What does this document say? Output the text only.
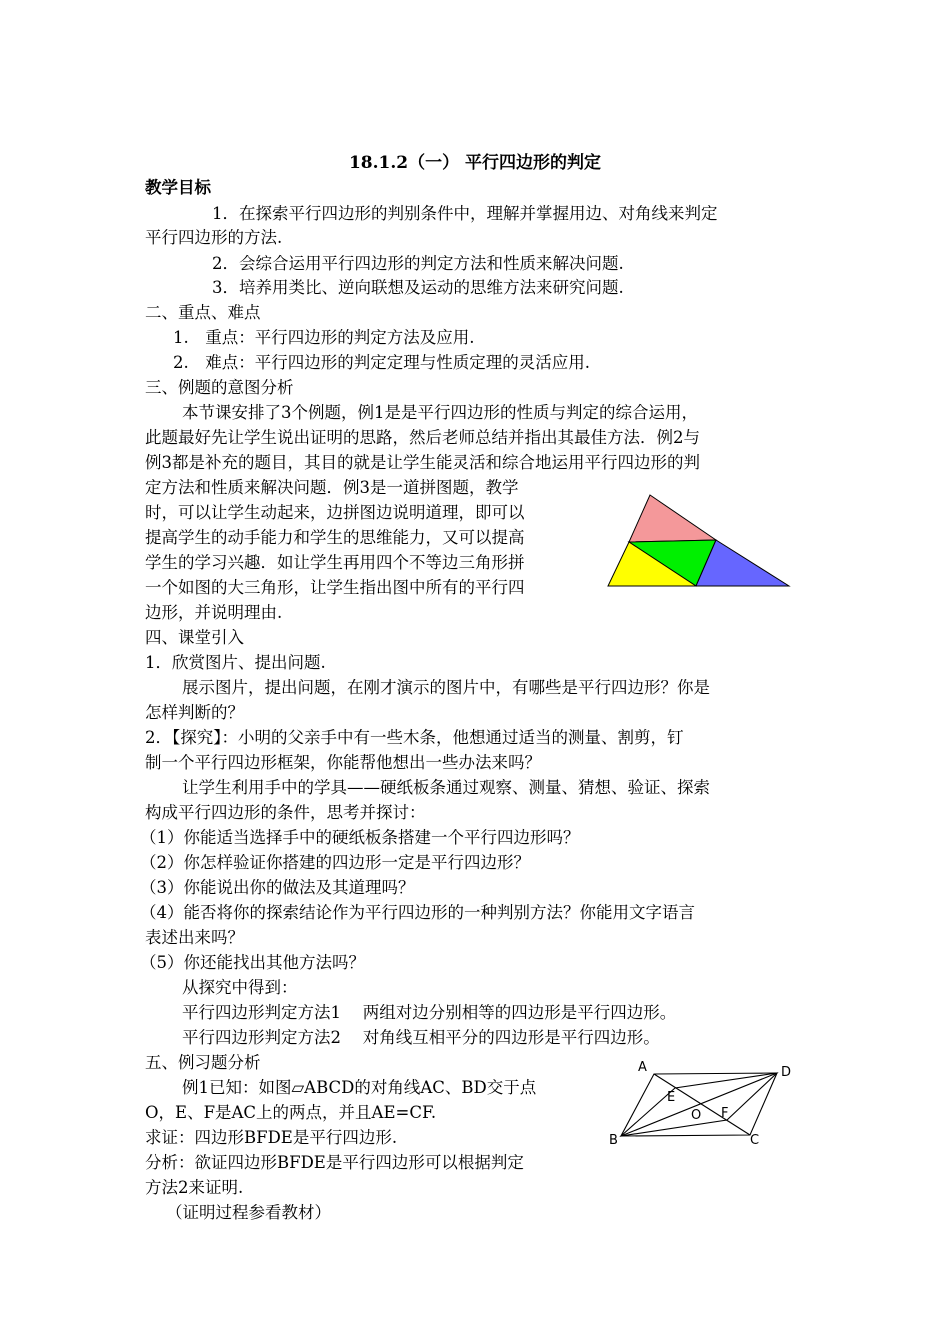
18.1.2（一） 平行四边形的判定
教学目标
1．在探索平行四边形的判别条件中，理解并掌握用边、对角线来判定
平行四边形的方法.
2．会综合运用平行四边形的判定方法和性质来解决问题.
3．培养用类比、逆向联想及运动的思维方法来研究问题.
二、重点、难点
1.　重点：平行四边形的判定方法及应用.
2.　难点：平行四边形的判定定理与性质定理的灵活应用.
三、例题的意图分析
本节课安排了3个例题，例1是是平行四边形的性质与判定的综合运用，
此题最好先让学生说出证明的思路，然后老师总结并指出其最佳方法．例2与
例3都是补充的题目，其目的就是让学生能灵活和综合地运用平行四边形的判
定方法和性质来解决问题．例3是一道拼图题，教学
时，可以让学生动起来，边拼图边说明道理，即可以
提高学生的动手能力和学生的思维能力，又可以提高
学生的学习兴趣．如让学生再用四个不等边三角形拼
一个如图的大三角形，让学生指出图中所有的平行四
边形，并说明理由.
四、课堂引入
1．欣赏图片、提出问题.
展示图片，提出问题，在刚才演示的图片中，有哪些是平行四边形？你是
怎样判断的？
2．【探究】：小明的父亲手中有一些木条，他想通过适当的测量、割剪，钉
制一个平行四边形框架，你能帮他想出一些办法来吗？
让学生利用手中的学具——硬纸板条通过观察、测量、猜想、验证、探索
构成平行四边形的条件，思考并探讨：
（1）你能适当选择手中的硬纸板条搭建一个平行四边形吗？
（2）你怎样验证你搭建的四边形一定是平行四边形？
（3）你能说出你的做法及其道理吗？
（4）能否将你的探索结论作为平行四边形的一种判别方法？你能用文字语言
表述出来吗？
（5）你还能找出其他方法吗？
从探究中得到：
平行四边形判定方法1　 两组对边分别相等的四边形是平行四边形。
平行四边形判定方法2　 对角线互相平分的四边形是平行四边形。
五、例习题分析
例1已知：如图▱ABCD的对角线AC、BD交于点
O，E、F是AC上的两点，并且AE=CF.
求证：四边形BFDE是平行四边形.
分析：欲证四边形BFDE是平行四边形可以根据判定
方法2来证明.
（证明过程参看教材）
A	D
E
O F
B	C
